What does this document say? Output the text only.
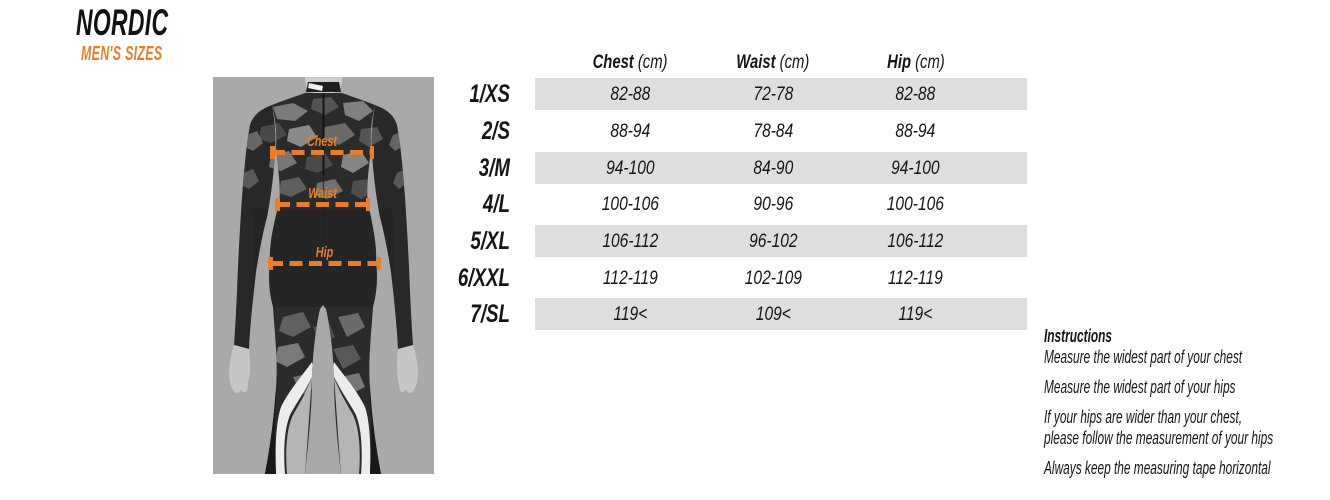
NORDIC
MEN'S SIZES
Chest
Waist
Hip
Chest (cm)	Waist (cm)	Hip (cm)
1/XS	82-88	72-78	82-88
2/S	88-94	78-84	88-94
3/M	94-100	84-90	94-100
4/L	100-106	90-96	100-106
5/XL	106-112	96-102	106-112
6/XXL	112-119	102-109	112-119
7/SL	119<	109<	119<
Instructions
Measure the widest part of your chest
Measure the widest part of your hips
If your hips are wider than your chest,
please follow the measurement of your hips
Always keep the measuring tape horizontal
